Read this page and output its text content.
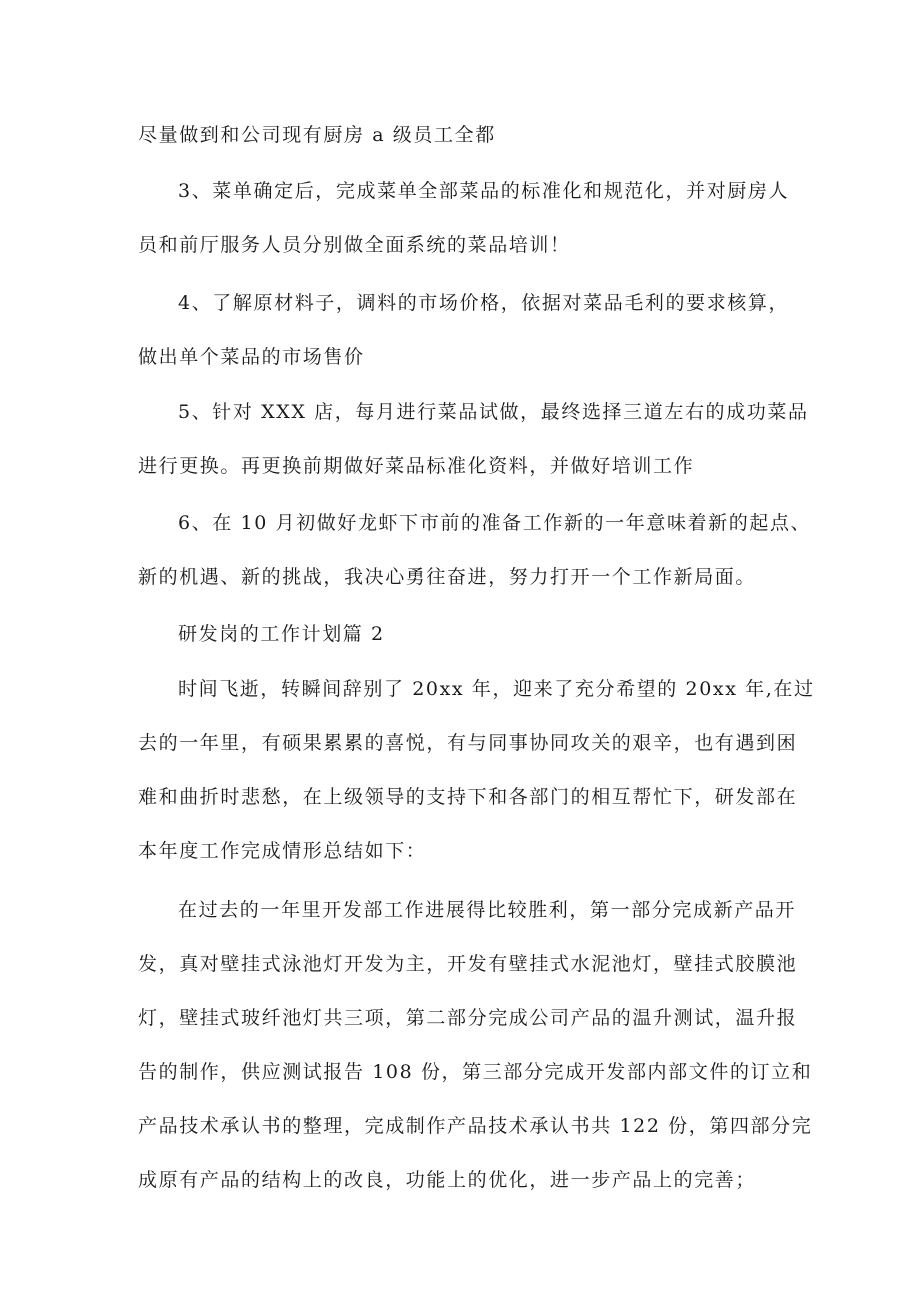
尽量做到和公司现有厨房 a 级员工全都

3、菜单确定后，完成菜单全部菜品的标准化和规范化，并对厨房人
员和前厅服务人员分别做全面系统的菜品培训！

4、了解原材料子，调料的市场价格，依据对菜品毛利的要求核算，
做出单个菜品的市场售价

5、针对 XXX 店，每月进行菜品试做，最终选择三道左右的成功菜品
进行更换。再更换前期做好菜品标准化资料，并做好培训工作

6、在 10 月初做好龙虾下市前的准备工作新的一年意味着新的起点、
新的机遇、新的挑战，我决心勇往奋进，努力打开一个工作新局面。

研发岗的工作计划篇 2

时间飞逝，转瞬间辞别了 20xx 年，迎来了充分希望的 20xx 年,在过
去的一年里，有硕果累累的喜悦，有与同事协同攻关的艰辛，也有遇到困
难和曲折时悲愁，在上级领导的支持下和各部门的相互帮忙下，研发部在
本年度工作完成情形总结如下：

在过去的一年里开发部工作进展得比较胜利，第一部分完成新产品开
发，真对壁挂式泳池灯开发为主，开发有壁挂式水泥池灯，壁挂式胶膜池
灯，壁挂式玻纤池灯共三项，第二部分完成公司产品的温升测试，温升报
告的制作，供应测试报告 108 份，第三部分完成开发部内部文件的订立和
产品技术承认书的整理，完成制作产品技术承认书共 122 份，第四部分完
成原有产品的结构上的改良，功能上的优化，进一步产品上的完善；
